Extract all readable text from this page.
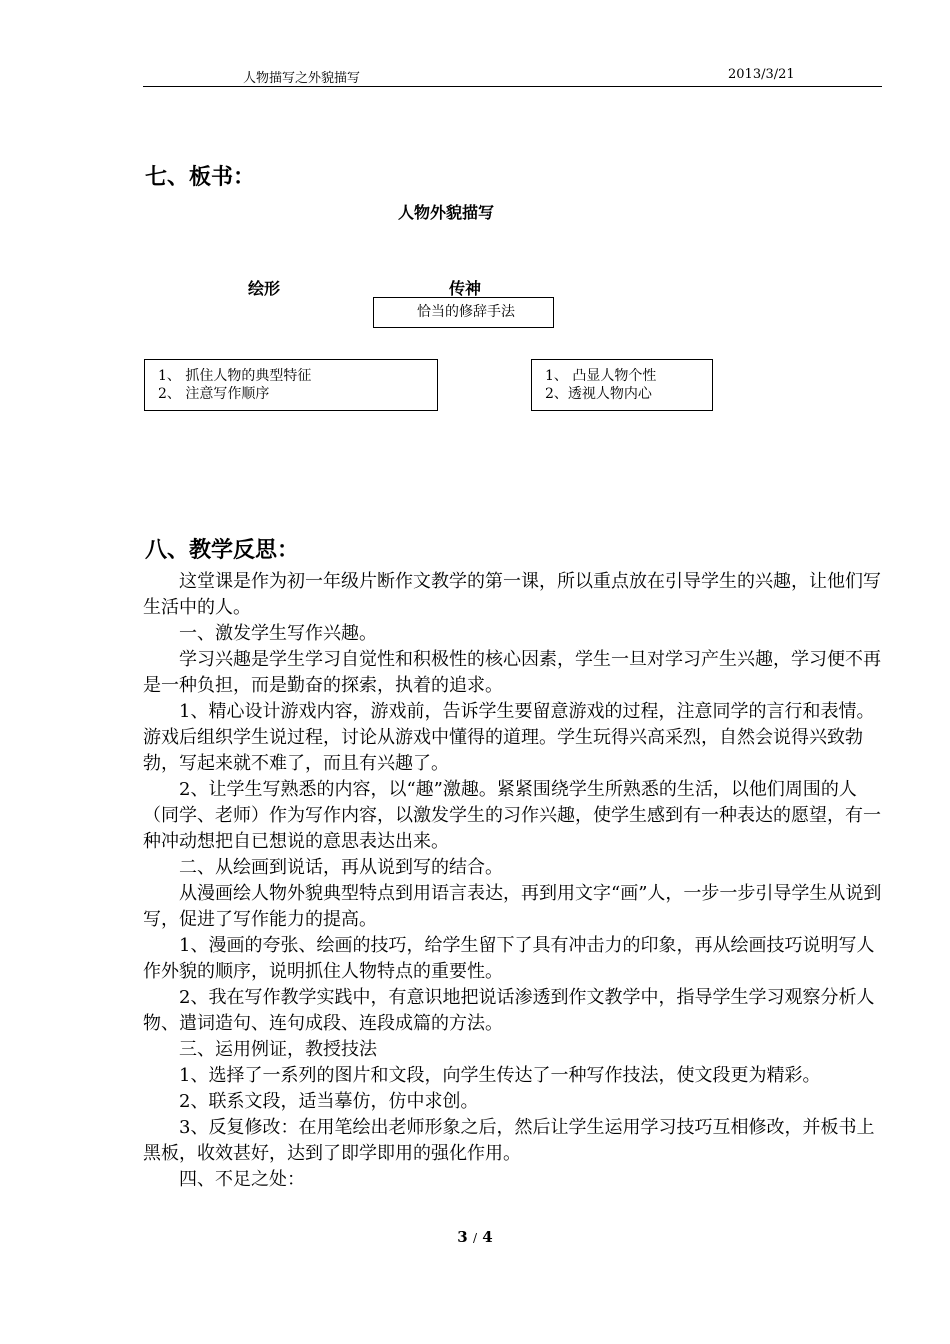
人物描写之外貌描写	2013/3/21
七、板书：
人物外貌描写
绘形	传神
恰当的修辞手法
1、 抓住人物的典型特征
2、 注意写作顺序
1、 凸显人物个性
2、透视人物内心
八、教学反思：

这堂课是作为初一年级片断作文教学的第一课，所以重点放在引导学生的兴趣，让他们写生活中的人。

一、激发学生写作兴趣。

学习兴趣是学生学习自觉性和积极性的核心因素，学生一旦对学习产生兴趣，学习便不再是一种负担，而是勤奋的探索，执着的追求。

1、精心设计游戏内容，游戏前，告诉学生要留意游戏的过程，注意同学的言行和表情。游戏后组织学生说过程，讨论从游戏中懂得的道理。学生玩得兴高采烈，自然会说得兴致勃勃，写起来就不难了，而且有兴趣了。

2、让学生写熟悉的内容，以“趣”激趣。紧紧围绕学生所熟悉的生活，以他们周围的人（同学、老师）作为写作内容，以激发学生的习作兴趣，使学生感到有一种表达的愿望，有一种冲动想把自已想说的意思表达出来。

二、从绘画到说话，再从说到写的结合。

从漫画绘人物外貌典型特点到用语言表达，再到用文字“画”人，一步一步引导学生从说到写，促进了写作能力的提高。

1、漫画的夸张、绘画的技巧，给学生留下了具有冲击力的印象，再从绘画技巧说明写人作外貌的顺序，说明抓住人物特点的重要性。

2、我在写作教学实践中，有意识地把说话渗透到作文教学中，指导学生学习观察分析人物、遣词造句、连句成段、连段成篇的方法。

三、运用例证，教授技法

1、选择了一系列的图片和文段，向学生传达了一种写作技法，使文段更为精彩。

2、联系文段，适当摹仿，仿中求创。

3、反复修改：在用笔绘出老师形象之后，然后让学生运用学习技巧互相修改，并板书上黑板，收效甚好，达到了即学即用的强化作用。

四、不足之处：

3 / 4
